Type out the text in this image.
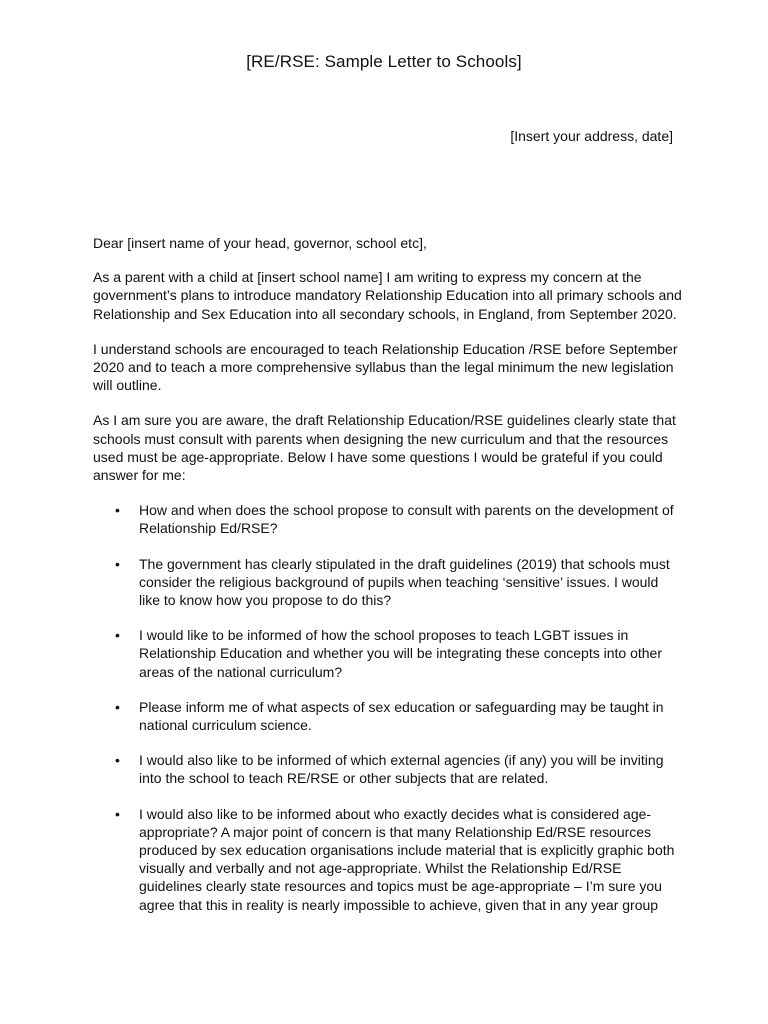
[RE/RSE: Sample Letter to Schools]
[Insert your address, date]

Dear [insert name of your head, governor, school etc],

As a parent with a child at [insert school name] I am writing to express my concern at the government’s plans to introduce mandatory Relationship Education into all primary schools and Relationship and Sex Education into all secondary schools, in England, from September 2020.

I understand schools are encouraged to teach Relationship Education /RSE before September 2020 and to teach a more comprehensive syllabus than the legal minimum the new legislation will outline.

As I am sure you are aware, the draft Relationship Education/RSE guidelines clearly state that schools must consult with parents when designing the new curriculum and that the resources used must be age-appropriate. Below I have some questions I would be grateful if you could answer for me:

• How and when does the school propose to consult with parents on the development of Relationship Ed/RSE?
• The government has clearly stipulated in the draft guidelines (2019) that schools must consider the religious background of pupils when teaching ‘sensitive’ issues. I would like to know how you propose to do this?
• I would like to be informed of how the school proposes to teach LGBT issues in Relationship Education and whether you will be integrating these concepts into other areas of the national curriculum?
• Please inform me of what aspects of sex education or safeguarding may be taught in national curriculum science.
• I would also like to be informed of which external agencies (if any) you will be inviting into the school to teach RE/RSE or other subjects that are related.
• I would also like to be informed about who exactly decides what is considered age-appropriate? A major point of concern is that many Relationship Ed/RSE resources produced by sex education organisations include material that is explicitly graphic both visually and verbally and not age-appropriate. Whilst the Relationship Ed/RSE guidelines clearly state resources and topics must be age-appropriate – I’m sure you agree that this in reality is nearly impossible to achieve, given that in any year group
